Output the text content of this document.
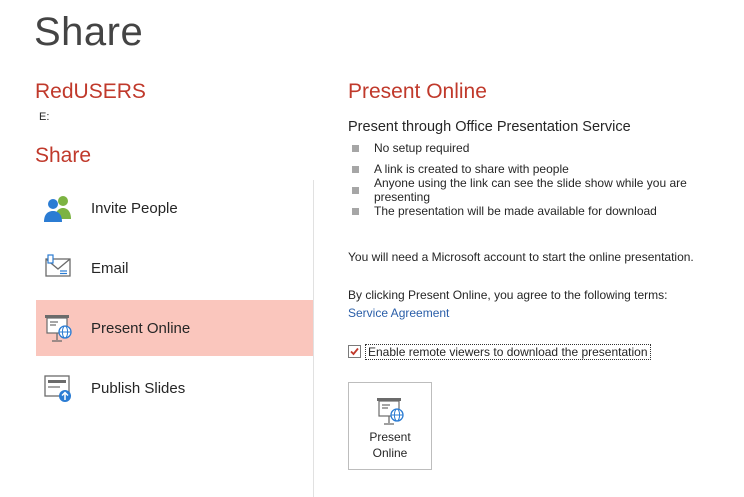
Share
RedUSERS
E:
Share
Invite People
Email
Present Online
Publish Slides
Present Online
Present through Office Presentation Service
No setup required
A link is created to share with people
Anyone using the link can see the slide show while you are presenting
The presentation will be made available for download
You will need a Microsoft account to start the online presentation.
By clicking Present Online, you agree to the following terms:
Service Agreement
Enable remote viewers to download the presentation
Present
Online
